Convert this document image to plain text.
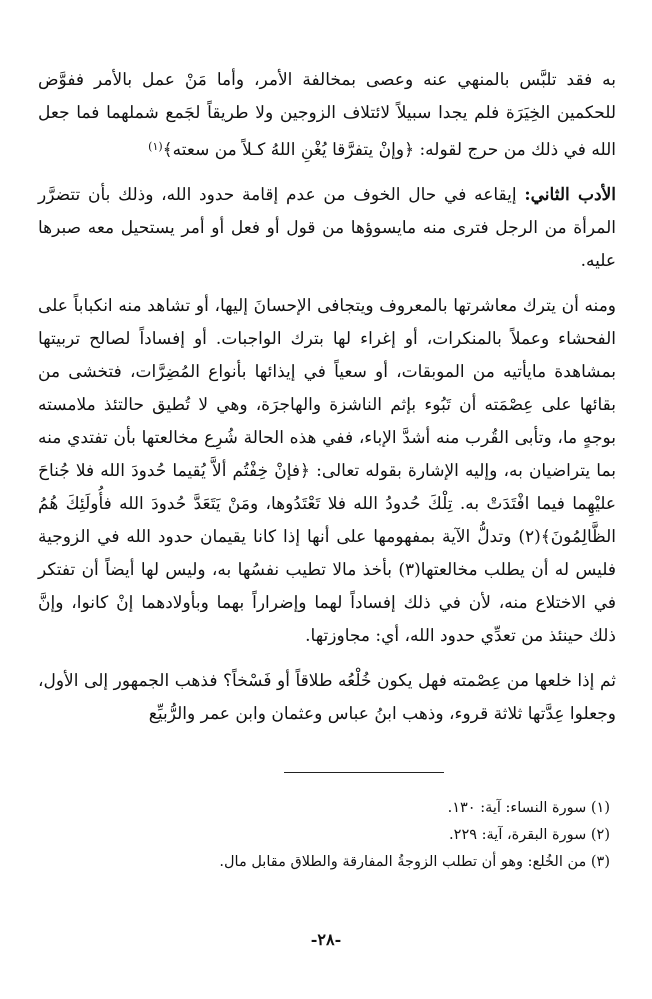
به فقد تلبَّس بالمنهي عنه وعصى بمخالفة الأمر، وأما مَنْ عمل بالأمر ففوَّض للحكمين الخِيَرَة فلم يجدا سبيلاً لائتلاف الزوجين ولا طريقاً لجَمع شملهما فما جعل الله في ذلك من حرج لقوله: ﴿وإنْ يتفرَّقا يُغْنِ اللهُ كـلاً من سعته﴾$^{(١)}$

الأدب الثاني: إيقاعه في حال الخوف من عدم إقامة حدود الله، وذلك بأن تتضرَّر المرأة من الرجل فترى منه مايسوؤها من قول أو فعل أو أمر يستحيل معه صبرها عليه.

ومنه أن يترك معاشرتها بالمعروف ويتجافى الإحسانَ إليها، أو تشاهد منه انكباباً على الفحشاء وعملاً بالمنكرات، أو إغراء لها بترك الواجبات. أو إفساداً لصالح تربيتها بمشاهدة مايأتيه من الموبقات، أو سعياً في إيذائها بأنواع المُضِرَّات، فتخشى من بقائها على عِصْمَته أن تَبُوء بإثم الناشزة والهاجرَة، وهي لا تُطيق حالتئذ ملامسته بوجهٍ ما، وتأبى القُرب منه أشدَّ الإباء، ففي هذه الحالة شُرِع مخالعتها بأن تفتدي منه بما يتراضيان به، وإليه الإشارة بقوله تعالى: ﴿فإنْ خِفْتُم ألاَّ يُقيما حُدودَ الله فلا جُناحَ عليْهِما فيما افْتَدَتْ به. تِلْكَ حُدودُ الله فلا تَعْتَدُوها، ومَنْ يَتَعَدَّ حُدودَ الله فأُولَئِكَ هُمُ الظَّالِمُونَ﴾(٢) وتدلُّ الآية بمفهومها على أنها إذا كانا يقيمان حدود الله في الزوجية فليس له أن يطلب مخالعتها(٣) بأخذ مالا تطيب نفسُها به، وليس لها أيضاً أن تفتكر في الاختلاع منه، لأن في ذلك إفساداً لهما وإضراراً بهما وبأولادهما إنْ كانوا، وإنَّ ذلك حينئذ من تعدِّي حدود الله، أي: مجاوزتها.

ثم إذا خلعها من عِصْمته فهل يكون خُلْعُه طلاقاً أو فَسْخاً؟ فذهب الجمهور إلى الأول، وجعلوا عِدَّتها ثلاثة قروء، وذهب ابنُ عباس وعثمان وابن عمر والرُّبيِّع

(١) سورة النساء: آية: ١٣٠.
(٢) سورة البقرة، آية: ٢٢٩.
(٣) من الخُلع: وهو أن تطلب الزوجةُ المفارقة والطلاق مقابل مال.
-٢٨-
